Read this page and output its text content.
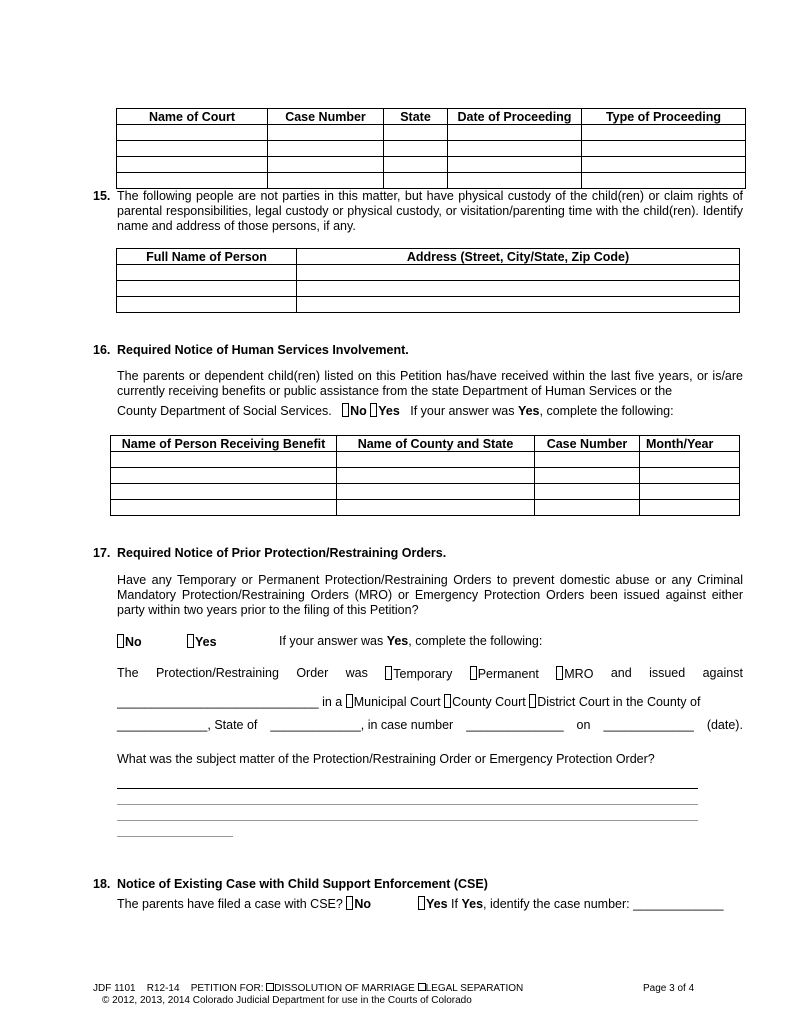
Name of Court	Case Number	State	Date of Proceeding	Type of Proceeding

15. The following people are not parties in this matter, but have physical custody of the child(ren) or claim rights of parental responsibilities, legal custody or physical custody, or visitation/parenting time with the child(ren). Identify name and address of those persons, if any.
Full Name of Person	Address (Street, City/State, Zip Code)

16. Required Notice of Human Services Involvement.
The parents or dependent child(ren) listed on this Petition has/have received within the last five years, or is/are currently receiving benefits or public assistance from the state Department of Human Services or the
County Department of Social Services. No Yes If your answer was Yes, complete the following:
Name of Person Receiving Benefit	Name of County and State	Case Number	Month/Year

17. Required Notice of Prior Protection/Restraining Orders.
Have any Temporary or Permanent Protection/Restraining Orders to prevent domestic abuse or any Criminal Mandatory Protection/Restraining Orders (MRO) or Emergency Protection Orders been issued against either party within two years prior to the filing of this Petition?
No	Yes	If your answer was Yes, complete the following:
The Protection/Restraining Order was	Temporary	Permanent	MRO and issued against
_____________________________ in a Municipal Court County Court District Court in the County of
_____________, State of _____________, in case number ______________ on _____________ (date).
What was the subject matter of the Protection/Restraining Order or Emergency Protection Order?
18. Notice of Existing Case with Child Support Enforcement (CSE)
The parents have filed a case with CSE? No	Yes If Yes, identify the case number: _____________
JDF 1101 R12-14 PETITION FOR: DISSOLUTION OF MARRIAGE LEGAL SEPARATION	Page 3 of 4
© 2012, 2013, 2014 Colorado Judicial Department for use in the Courts of Colorado
